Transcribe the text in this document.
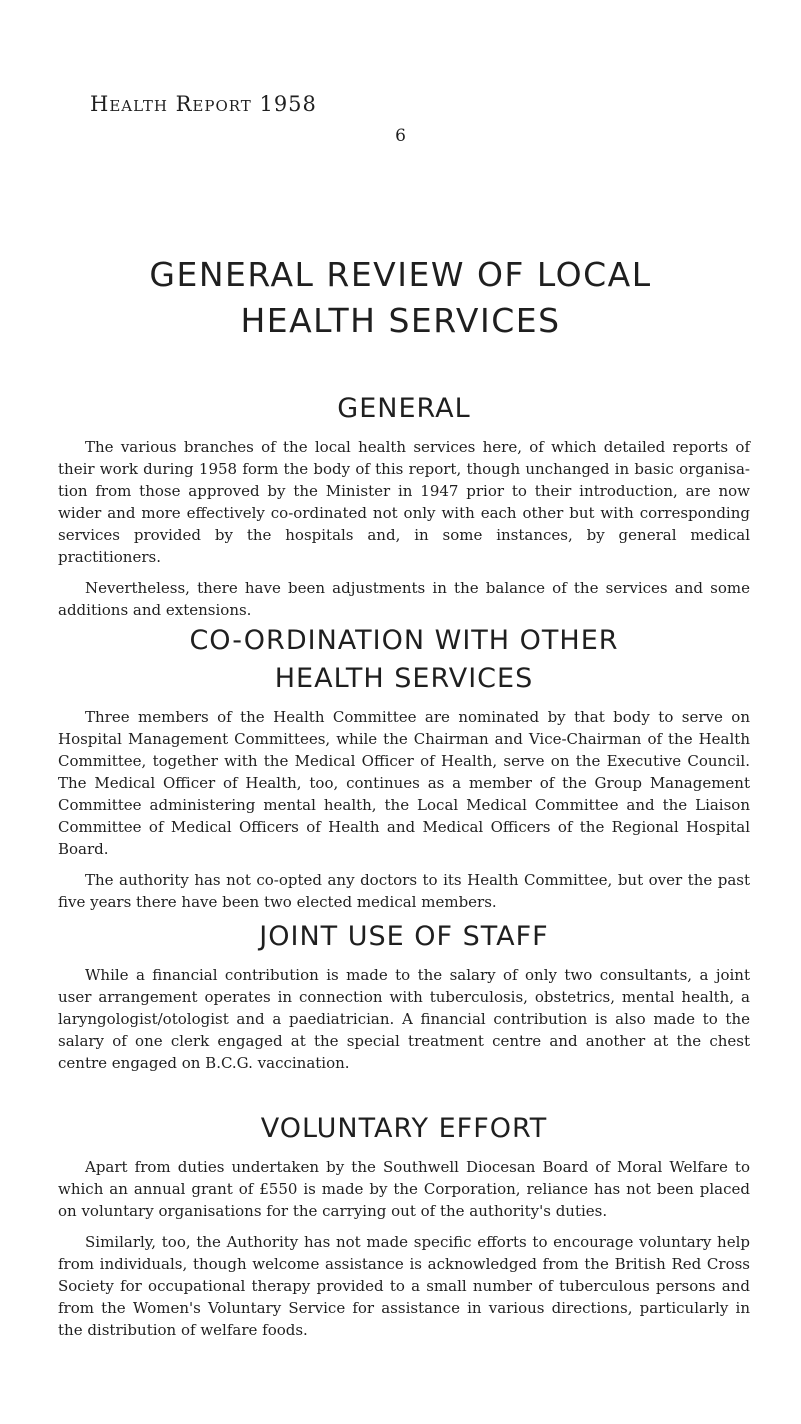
Health Report 1958
6
GENERAL REVIEW OF LOCAL
HEALTH SERVICES
GENERAL

The various branches of the local health services here, of which detailed reports of their work during 1958 form the body of this report, though unchanged in basic organisa- tion from those approved by the Minister in 1947 prior to their introduction, are now wider and more effectively co-ordinated not only with each other but with corresponding services provided by the hospitals and, in some instances, by general medical practitioners.

Nevertheless, there have been adjustments in the balance of the services and some additions and extensions.

CO-ORDINATION WITH OTHER
HEALTH SERVICES

Three members of the Health Committee are nominated by that body to serve on Hospital Management Committees, while the Chairman and Vice-Chairman of the Health Committee, together with the Medical Officer of Health, serve on the Executive Council. The Medical Officer of Health, too, continues as a member of the Group Management Committee administering mental health, the Local Medical Committee and the Liaison Committee of Medical Officers of Health and Medical Officers of the Regional Hospital Board.

The authority has not co-opted any doctors to its Health Committee, but over the past five years there have been two elected medical members.

JOINT USE OF STAFF

While a financial contribution is made to the salary of only two consultants, a joint user arrangement operates in connection with tuberculosis, obstetrics, mental health, a laryngologist/otologist and a paediatrician. A financial contribution is also made to the salary of one clerk engaged at the special treatment centre and another at the chest centre engaged on B.C.G. vaccination.

VOLUNTARY EFFORT

Apart from duties undertaken by the Southwell Diocesan Board of Moral Welfare to which an annual grant of £550 is made by the Corporation, reliance has not been placed on voluntary organisations for the carrying out of the authority's duties.

Similarly, too, the Authority has not made specific efforts to encourage voluntary help from individuals, though welcome assistance is acknowledged from the British Red Cross Society for occupational therapy provided to a small number of tuberculous persons and from the Women's Voluntary Service for assistance in various directions, particularly in the distribution of welfare foods.
